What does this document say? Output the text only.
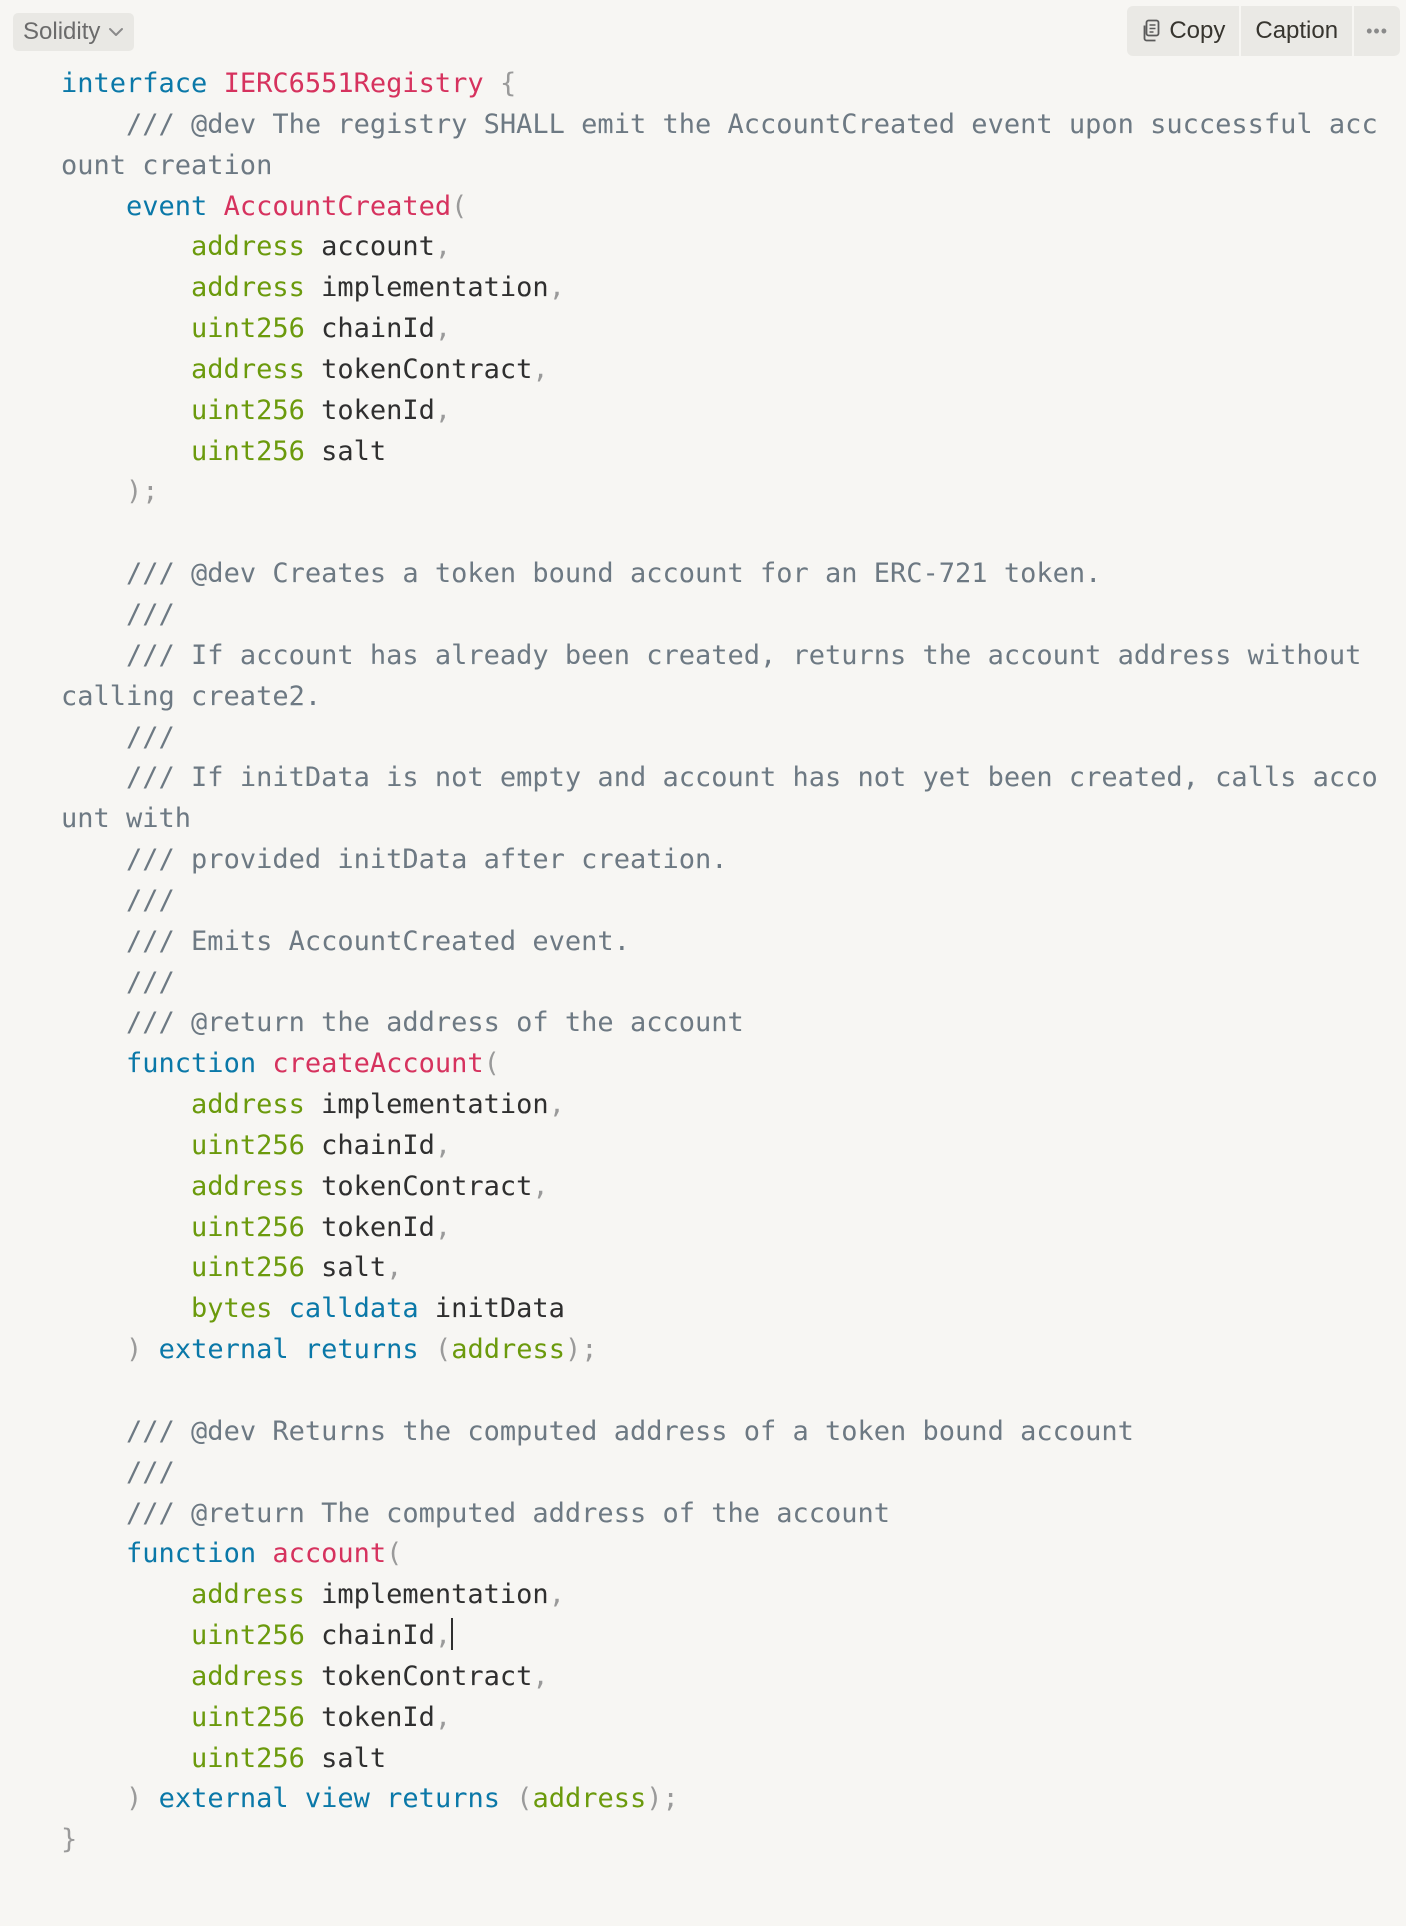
Solidity	Copy Caption •••
interface IERC6551Registry {
/// @dev The registry SHALL emit the AccountCreated event upon successful account creation
event AccountCreated(
address account,
address implementation,
uint256 chainId,
address tokenContract,
uint256 tokenId,
uint256 salt
);
/// @dev Creates a token bound account for an ERC-721 token.
///
/// If account has already been created, returns the account address without calling create2.
///
/// If initData is not empty and account has not yet been created, calls account with
/// provided initData after creation.
///
/// Emits AccountCreated event.
///
/// @return the address of the account
function createAccount(
address implementation,
uint256 chainId,
address tokenContract,
uint256 tokenId,
uint256 salt,
bytes calldata initData
) external returns (address);
/// @dev Returns the computed address of a token bound account
///
/// @return The computed address of the account
function account(
address implementation,
uint256 chainId,
address tokenContract,
uint256 tokenId,
uint256 salt
) external view returns (address);
}
